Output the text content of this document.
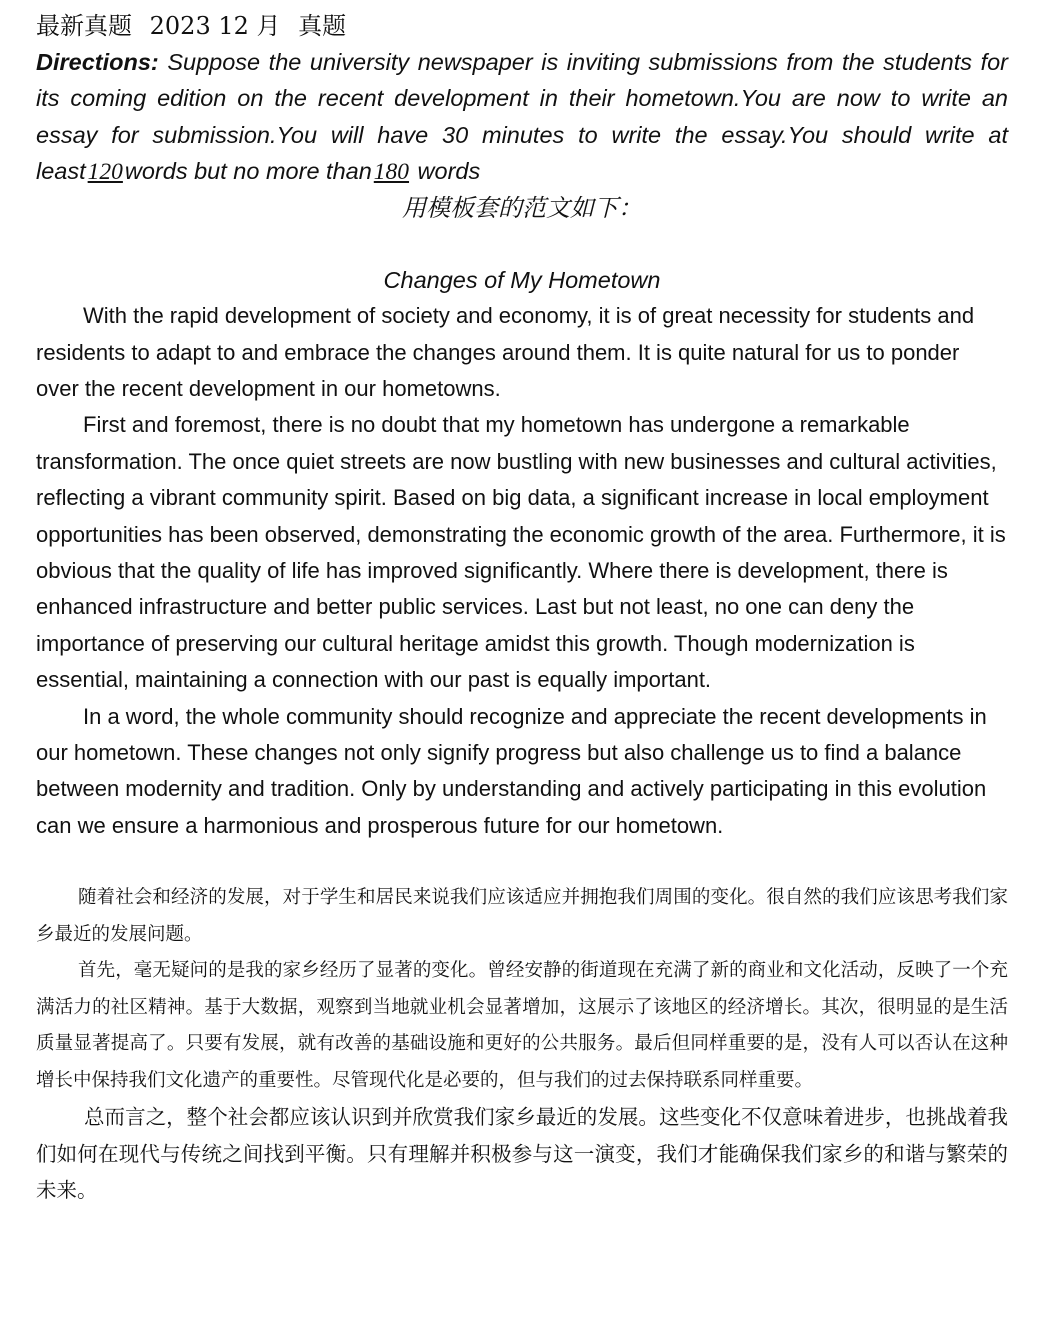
最新真题 2023 12 月 真题

Directions: Suppose the university newspaper is inviting submissions from the students for its coming edition on the recent development in their hometown.You are now to write an essay for submission.You will have 30 minutes to write the essay.You should write at least120words but no more than180 words

用模板套的范文如下：

Changes of My Hometown

With the rapid development of society and economy, it is of great necessity for students and residents to adapt to and embrace the changes around them. It is quite natural for us to ponder over the recent development in our hometowns.

First and foremost, there is no doubt that my hometown has undergone a remarkable transformation. The once quiet streets are now bustling with new businesses and cultural activities, reflecting a vibrant community spirit. Based on big data, a significant increase in local employment opportunities has been observed, demonstrating the economic growth of the area. Furthermore, it is obvious that the quality of life has improved significantly. Where there is development, there is enhanced infrastructure and better public services. Last but not least, no one can deny the importance of preserving our cultural heritage amidst this growth. Though modernization is essential, maintaining a connection with our past is equally important.

In a word, the whole community should recognize and appreciate the recent developments in our hometown. These changes not only signify progress but also challenge us to find a balance between modernity and tradition. Only by understanding and actively participating in this evolution can we ensure a harmonious and prosperous future for our hometown.

随着社会和经济的发展，对于学生和居民来说我们应该适应并拥抱我们周围的变化。很自然的我们应该思考我们家乡最近的发展问题。

首先，毫无疑问的是我的家乡经历了显著的变化。曾经安静的街道现在充满了新的商业和文化活动，反映了一个充满活力的社区精神。基于大数据，观察到当地就业机会显著增加，这展示了该地区的经济增长。其次，很明显的是生活质量显著提高了。只要有发展，就有改善的基础设施和更好的公共服务。最后但同样重要的是，没有人可以否认在这种增长中保持我们文化遗产的重要性。尽管现代化是必要的，但与我们的过去保持联系同样重要。

总而言之，整个社会都应该认识到并欣赏我们家乡最近的发展。这些变化不仅意味着进步，也挑战着我们如何在现代与传统之间找到平衡。只有理解并积极参与这一演变，我们才能确保我们家乡的和谐与繁荣的未来。
